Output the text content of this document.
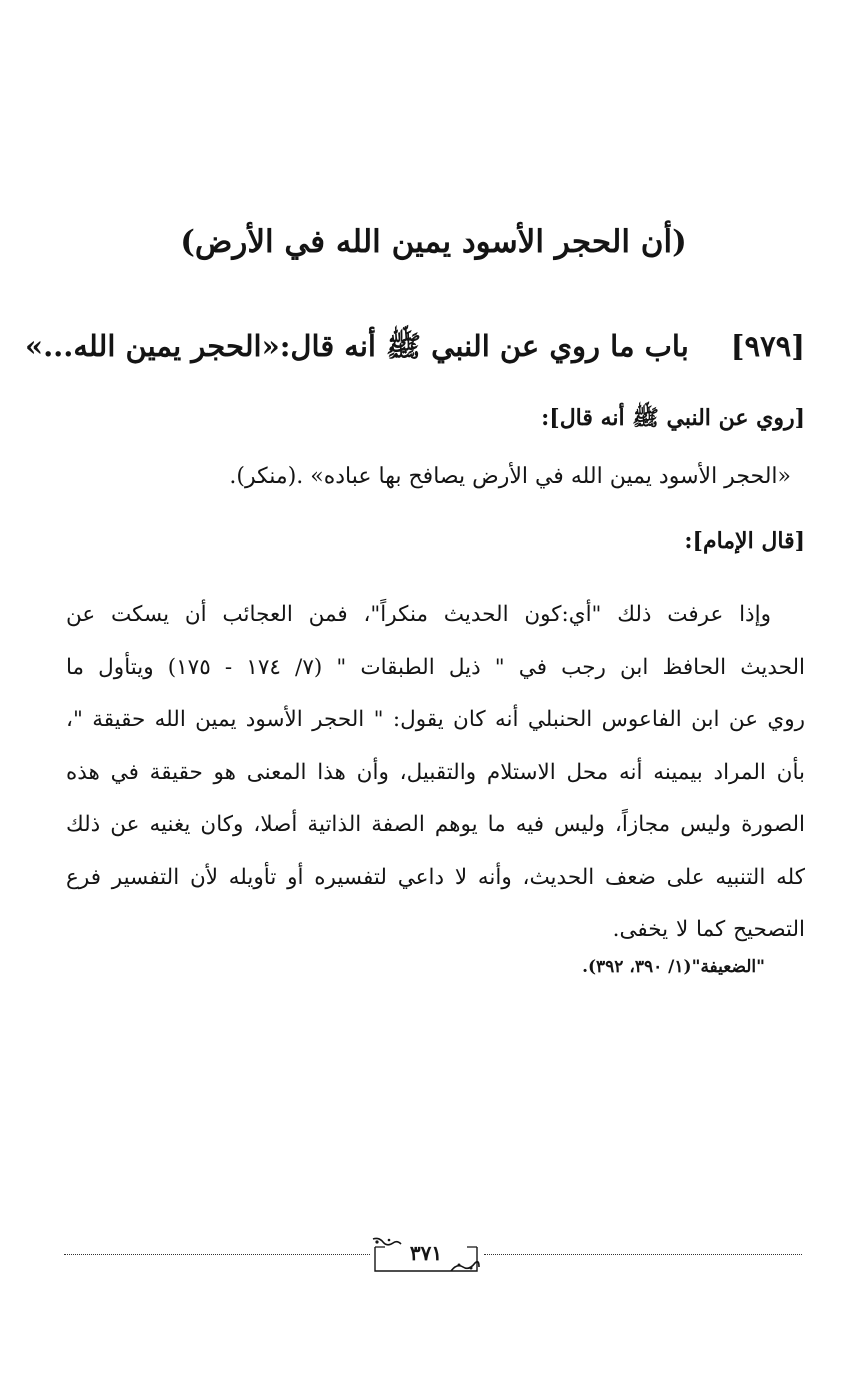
(أن الحجر الأسود يمين الله في الأرض)
[٩٧٩]باب ما روي عن النبي ﷺ أنه قال:«الحجر يمين الله...»
[روي عن النبي ﷺ أنه قال]:
«الحجر الأسود يمين الله في الأرض يصافح بها عباده» .(منكر).
[قال الإمام]:
وإذا عرفت ذلك "أي:كون الحديث منكراً"، فمن العجائب أن يسكت عن
الحديث الحافظ ابن رجب في " ذيل الطبقات " (٧/ ١٧٤ - ١٧٥) ويتأول ما
روي عن ابن الفاعوس الحنبلي أنه كان يقول: " الحجر الأسود يمين الله حقيقة "،
بأن المراد بيمينه أنه محل الاستلام والتقبيل، وأن هذا المعنى هو حقيقة في هذه
الصورة وليس مجازاً، وليس فيه ما يوهم الصفة الذاتية أصلا، وكان يغنيه عن ذلك
كله التنبيه على ضعف الحديث، وأنه لا داعي لتفسيره أو تأويله لأن التفسير فرع
التصحيح كما لا يخفى.
"الضعيفة"(١/ ٣٩٠، ٣٩٢).
٣٧١
